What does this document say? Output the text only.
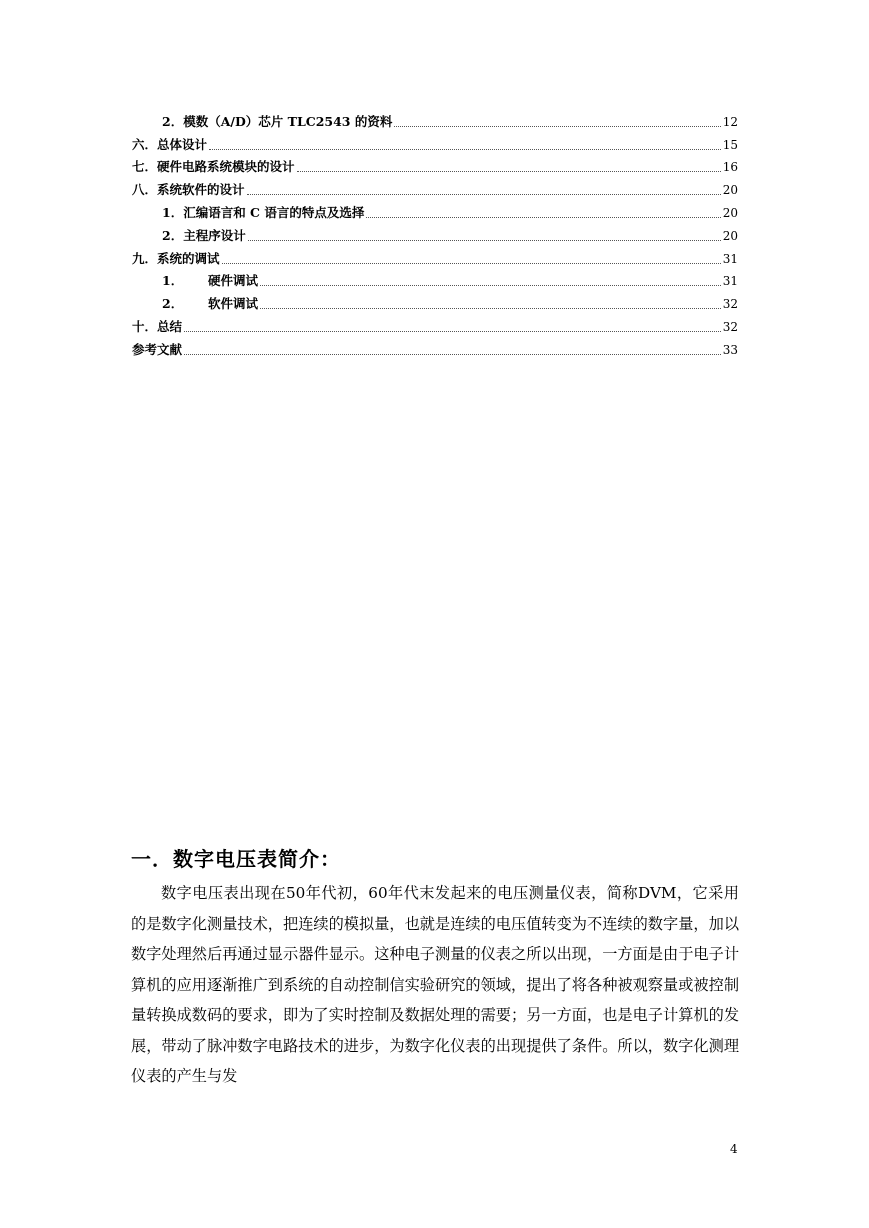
2．模数（A/D）芯片 TLC2543 的资料	12
六．总体设计	15
七．硬件电路系统模块的设计	16
八．系统软件的设计	20
1．汇编语言和 C 语言的特点及选择	20
2．主程序设计	20
九．系统的调试	31
1． 硬件调试	31
2． 软件调试	32
十．总结	32
参考文献	33
一．数字电压表简介：

数字电压表出现在50年代初，60年代末发起来的电压测量仪表，简称DVM，它采用的是数字化测量技术，把连续的模拟量，也就是连续的电压值转变为不连续的数字量，加以数字处理然后再通过显示器件显示。这种电子测量的仪表之所以出现，一方面是由于电子计算机的应用逐渐推广到系统的自动控制信实验研究的领域，提出了将各种被观察量或被控制量转换成数码的要求，即为了实时控制及数据处理的需要；另一方面，也是电子计算机的发展，带动了脉冲数字电路技术的进步，为数字化仪表的出现提供了条件。所以，数字化测理仪表的产生与发

4
